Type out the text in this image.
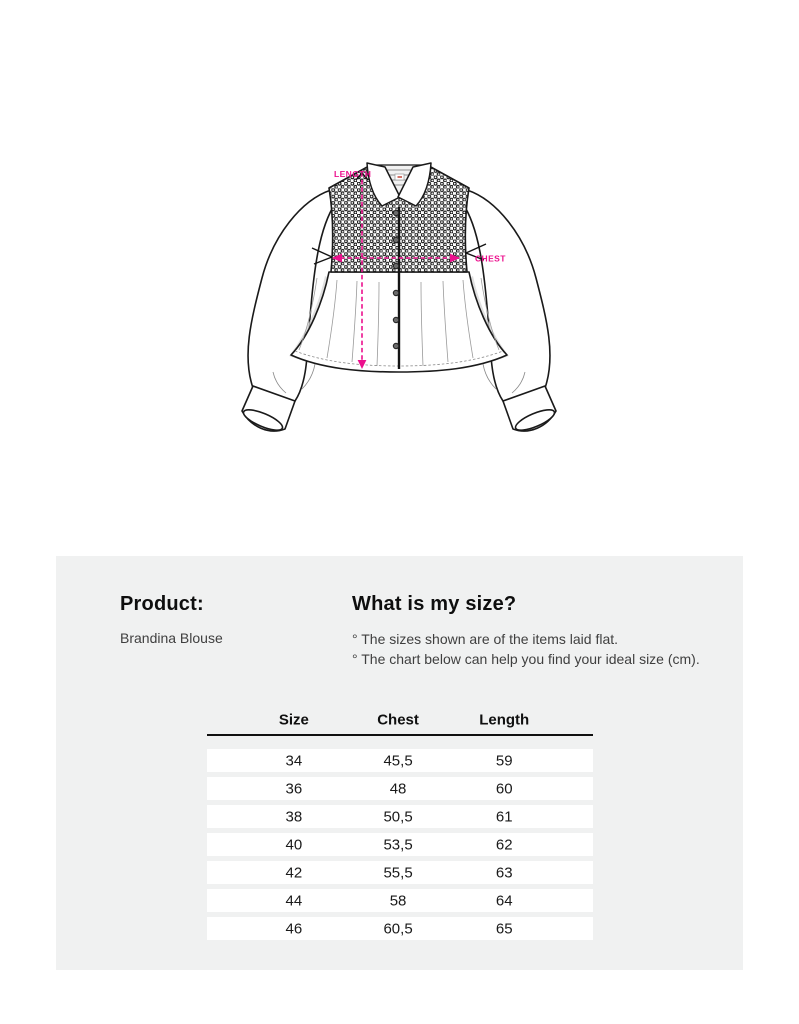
LENGTH
CHEST
Product:
Brandina Blouse
What is my size?
° The sizes shown are of the items laid flat.
° The chart below can help you find your ideal size (cm).
Size	Chest	Length
34	45,5	59
36	48	60
38	50,5	61
40	53,5	62
42	55,5	63
44	58	64
46	60,5	65
